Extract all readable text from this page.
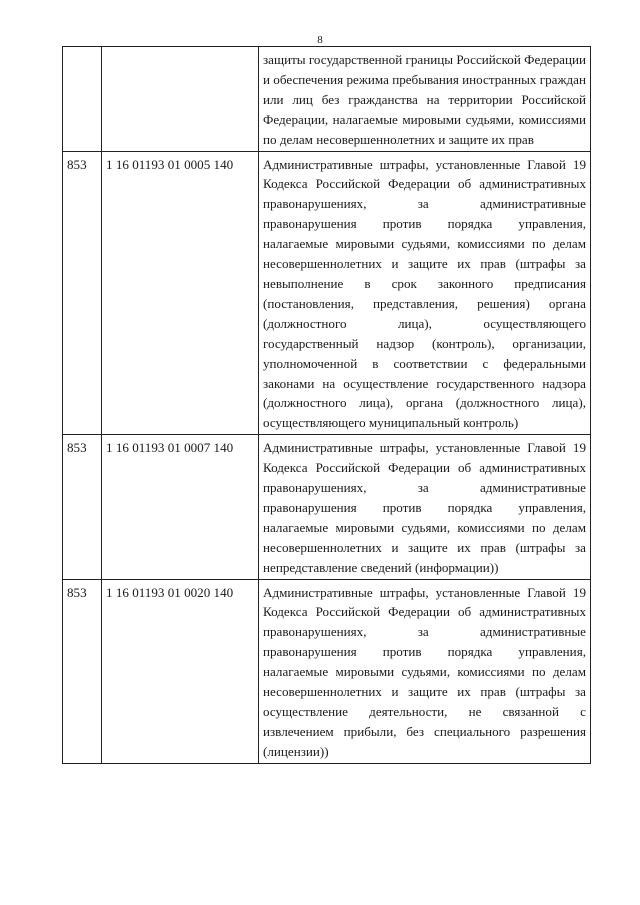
8
		защиты государственной границы Российской Федерации и обеспечения режима пребывания иностранных граждан или лиц без гражданства на территории Российской Федерации, налагаемые мировыми судьями, комиссиями по делам несовершеннолетних и защите их прав
853	1 16 01193 01 0005 140	Административные штрафы, установленные Главой 19 Кодекса Российской Федерации об административных правонарушениях, за административные правонарушения против порядка управления, налагаемые мировыми судьями, комиссиями по делам несовершеннолетних и защите их прав (штрафы за невыполнение в срок законного предписания (постановления, представления, решения) органа (должностного лица), осуществляющего государственный надзор (контроль), организации, уполномоченной в соответствии с федеральными законами на осуществление государственного надзора (должностного лица), органа (должностного лица), осуществляющего муниципальный контроль)
853	1 16 01193 01 0007 140	Административные штрафы, установленные Главой 19 Кодекса Российской Федерации об административных правонарушениях, за административные правонарушения против порядка управления, налагаемые мировыми судьями, комиссиями по делам несовершеннолетних и защите их прав (штрафы за непредставление сведений (информации))
853	1 16 01193 01 0020 140	Административные штрафы, установленные Главой 19 Кодекса Российской Федерации об административных правонарушениях, за административные правонарушения против порядка управления, налагаемые мировыми судьями, комиссиями по делам несовершеннолетних и защите их прав (штрафы за осуществление деятельности, не связанной с извлечением прибыли, без специального разрешения (лицензии))
